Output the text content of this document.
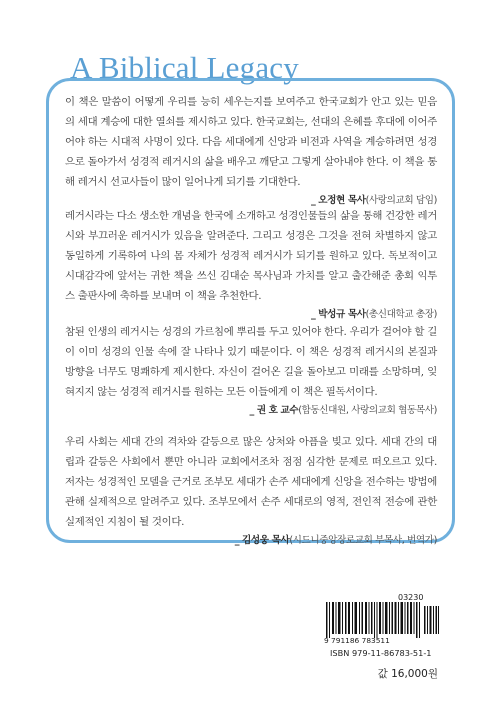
A Biblical Legacy

이 책은 말씀이 어떻게 우리를 능히 세우는지를 보여주고 한국교회가 안고 있는 믿음의 세대 계승에 대한 열쇠를 제시하고 있다. 한국교회는, 선대의 은혜를 후대에 이어주어야 하는 시대적 사명이 있다. 다음 세대에게 신앙과 비전과 사역을 계승하려면 성경으로 돌아가서 성경적 레거시의 삶을 배우고 깨닫고 그렇게 살아내야 한다. 이 책을 통해 레거시 선교사들이 많이 일어나게 되기를 기대한다.

_ 오정현 목사(사랑의교회 담임)

레거시라는 다소 생소한 개념을 한국에 소개하고 성경인물들의 삶을 통해 건강한 레거시와 부끄러운 레거시가 있음을 알려준다. 그리고 성경은 그것을 전혀 차별하지 않고 동일하게 기록하여 나의 몸 자체가 성경적 레거시가 되기를 원하고 있다. 독보적이고 시대감각에 앞서는 귀한 책을 쓰신 김대순 목사님과 가치를 알고 출간해준 총회 익투스 출판사에 축하를 보내며 이 책을 추천한다.

_ 박성규 목사(총신대학교 총장)

참된 인생의 레거시는 성경의 가르침에 뿌리를 두고 있어야 한다. 우리가 걸어야 할 길이 이미 성경의 인물 속에 잘 나타나 있기 때문이다. 이 책은 성경적 레거시의 본질과 방향을 너무도 명쾌하게 제시한다. 자신이 걸어온 길을 돌아보고 미래를 소망하며, 잊혀지지 않는 성경적 레거시를 원하는 모든 이들에게 이 책은 필독서이다.

_ 권 호 교수(합동신대원, 사랑의교회 협동목사)

우리 사회는 세대 간의 격차와 갈등으로 많은 상처와 아픔을 빚고 있다. 세대 간의 대립과 갈등은 사회에서 뿐만 아니라 교회에서조차 점점 심각한 문제로 떠오르고 있다. 저자는 성경적인 모델을 근거로 조부모 세대가 손주 세대에게 신앙을 전수하는 방법에 관해 실제적으로 알려주고 있다. 조부모에서 손주 세대로의 영적, 전인적 전승에 관한 실제적인 지침이 될 것이다.

_ 김성웅 목사(시드니중앙장로교회 부목사, 번역가)
03230
9 791186 783511
ISBN 979-11-86783-51-1
값 16,000원
